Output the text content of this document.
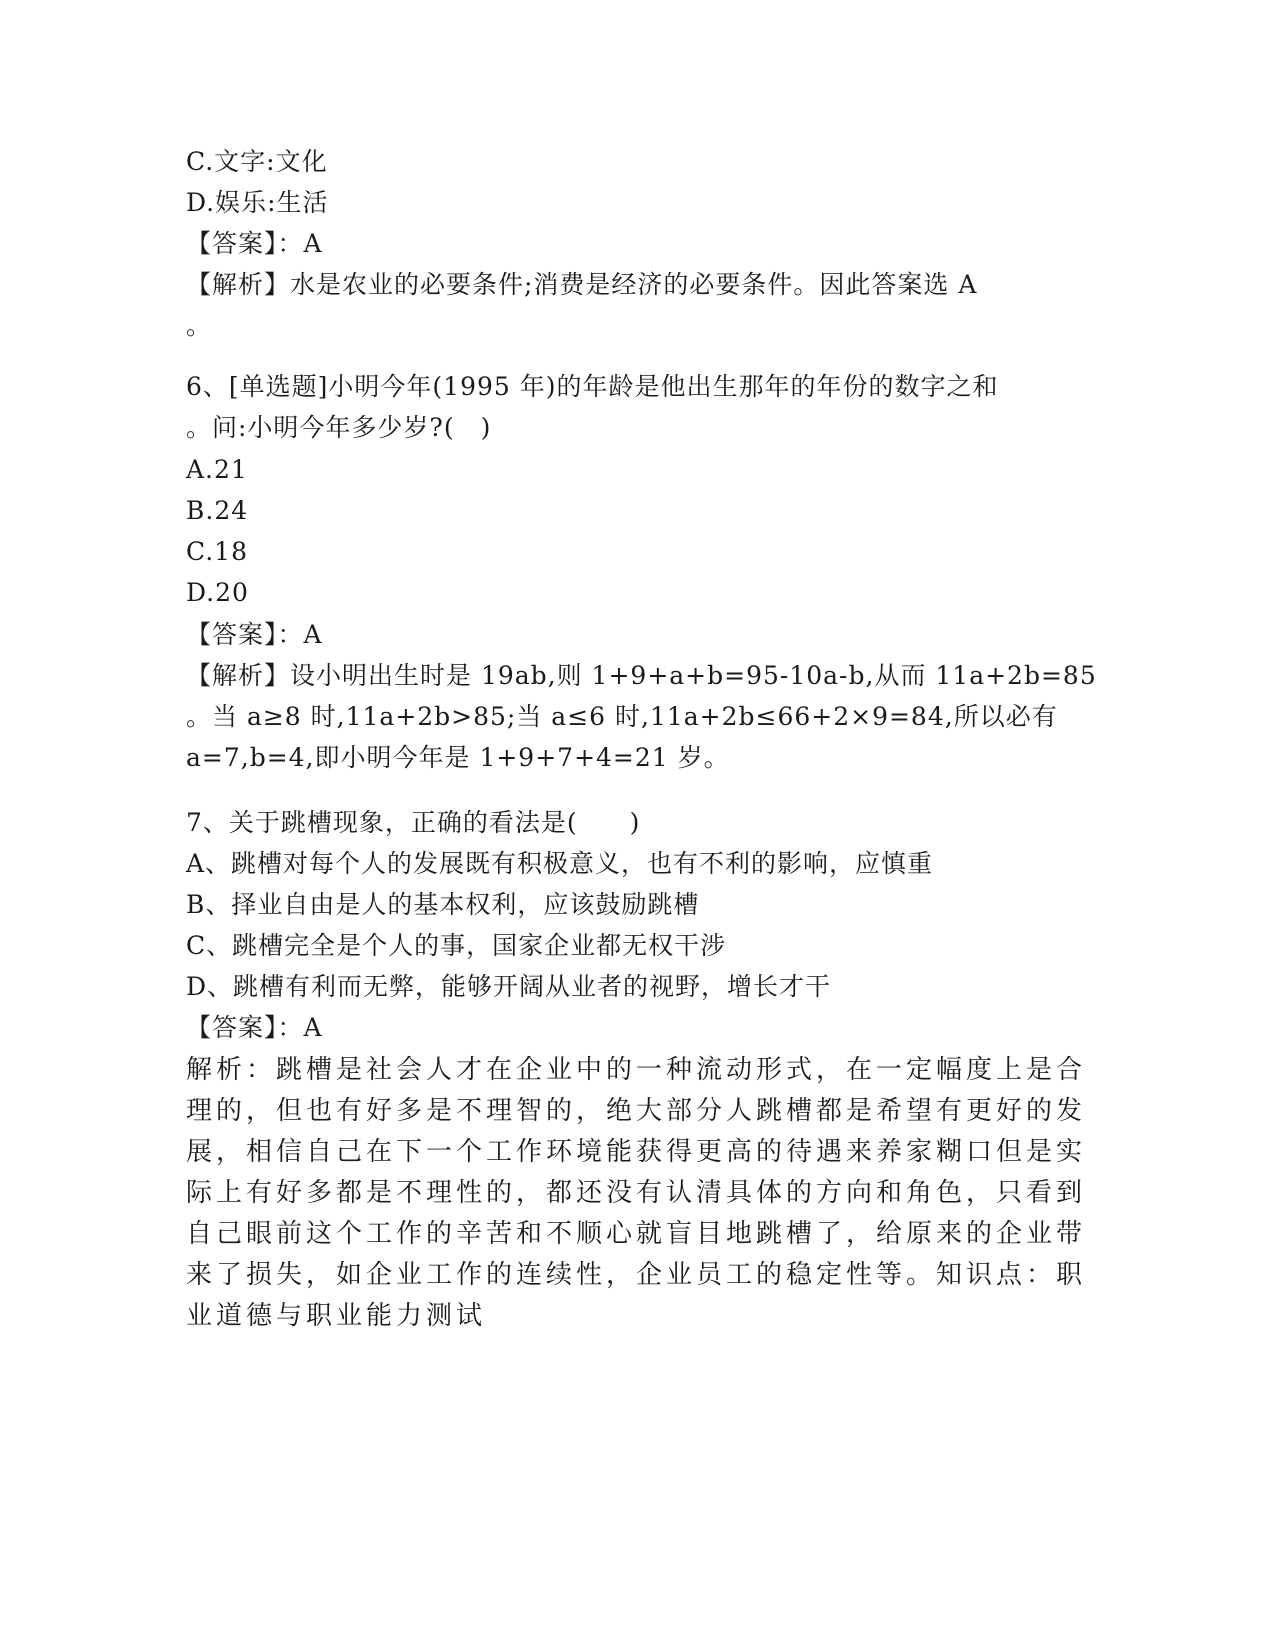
C.文字:文化
D.娱乐:生活
【答案】：A
【解析】水是农业的必要条件;消费是经济的必要条件。因此答案选 A
。
6、[单选题]小明今年(1995 年)的年龄是他出生那年的年份的数字之和
。问:小明今年多少岁?(　)
A.21
B.24
C.18
D.20
【答案】：A
【解析】设小明出生时是 19ab,则 1+9+a+b=95-10a-b,从而 11a+2b=85
。当 a≥8 时,11a+2b>85;当 a≤6 时,11a+2b≤66+2×9=84,所以必有
a=7,b=4,即小明今年是 1+9+7+4=21 岁。
7、关于跳槽现象，正确的看法是(　　)
A、跳槽对每个人的发展既有积极意义，也有不利的影响，应慎重
B、择业自由是人的基本权利，应该鼓励跳槽
C、跳槽完全是个人的事，国家企业都无权干涉
D、跳槽有利而无弊，能够开阔从业者的视野，增长才干
【答案】：A
解析：跳槽是社会人才在企业中的一种流动形式，在一定幅度上是合
理的，但也有好多是不理智的，绝大部分人跳槽都是希望有更好的发
展，相信自己在下一个工作环境能获得更高的待遇来养家糊口但是实
际上有好多都是不理性的，都还没有认清具体的方向和角色，只看到
自己眼前这个工作的辛苦和不顺心就盲目地跳槽了，给原来的企业带
来了损失，如企业工作的连续性，企业员工的稳定性等。知识点：职
业道德与职业能力测试
